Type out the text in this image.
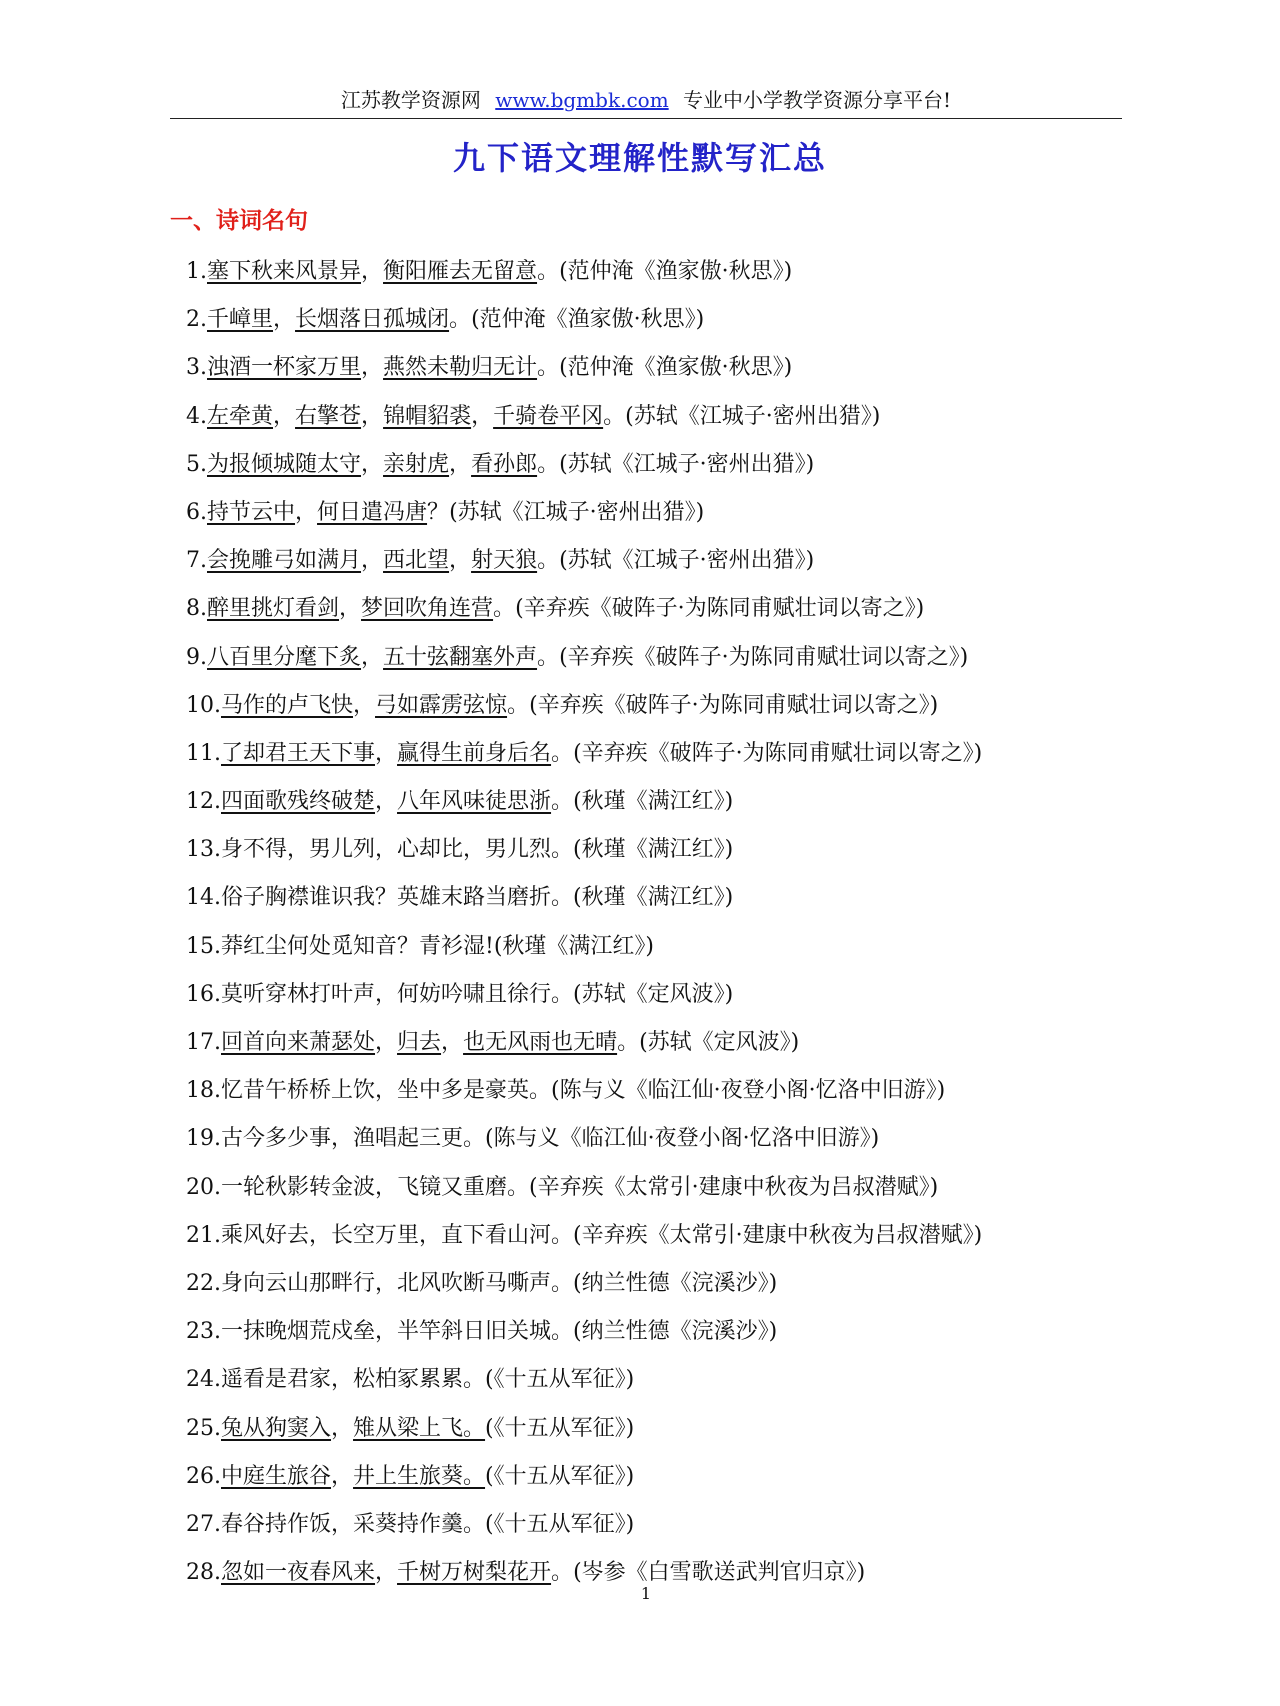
江苏教学资源网 www.bgmbk.com 专业中小学教学资源分享平台!
九下语文理解性默写汇总
一、诗词名句
1.塞下秋来风景异，衡阳雁去无留意。(范仲淹《渔家傲·秋思》)
2.千嶂里，长烟落日孤城闭。(范仲淹《渔家傲·秋思》)
3.浊酒一杯家万里，燕然未勒归无计。(范仲淹《渔家傲·秋思》)
4.左牵黄，右擎苍，锦帽貂裘，千骑卷平冈。(苏轼《江城子·密州出猎》)
5.为报倾城随太守，亲射虎，看孙郎。(苏轼《江城子·密州出猎》)
6.持节云中，何日遣冯唐？(苏轼《江城子·密州出猎》)
7.会挽雕弓如满月，西北望，射天狼。(苏轼《江城子·密州出猎》)
8.醉里挑灯看剑，梦回吹角连营。(辛弃疾《破阵子·为陈同甫赋壮词以寄之》)
9.八百里分麾下炙，五十弦翻塞外声。(辛弃疾《破阵子·为陈同甫赋壮词以寄之》)
10.马作的卢飞快，弓如霹雳弦惊。(辛弃疾《破阵子·为陈同甫赋壮词以寄之》)
11.了却君王天下事，赢得生前身后名。(辛弃疾《破阵子·为陈同甫赋壮词以寄之》)
12.四面歌残终破楚，八年风味徒思浙。(秋瑾《满江红》)
13.身不得，男儿列，心却比，男儿烈。(秋瑾《满江红》)
14.俗子胸襟谁识我？英雄末路当磨折。(秋瑾《满江红》)
15.莽红尘何处觅知音？青衫湿!(秋瑾《满江红》)
16.莫听穿林打叶声，何妨吟啸且徐行。(苏轼《定风波》)
17.回首向来萧瑟处，归去，也无风雨也无晴。(苏轼《定风波》)
18.忆昔午桥桥上饮，坐中多是豪英。(陈与义《临江仙·夜登小阁·忆洛中旧游》)
19.古今多少事，渔唱起三更。(陈与义《临江仙·夜登小阁·忆洛中旧游》)
20.一轮秋影转金波，飞镜又重磨。(辛弃疾《太常引·建康中秋夜为吕叔潜赋》)
21.乘风好去，长空万里，直下看山河。(辛弃疾《太常引·建康中秋夜为吕叔潜赋》)
22.身向云山那畔行，北风吹断马嘶声。(纳兰性德《浣溪沙》)
23.一抹晚烟荒戍垒，半竿斜日旧关城。(纳兰性德《浣溪沙》)
24.遥看是君家，松柏冢累累。(《十五从军征》)
25.兔从狗窦入，雉从梁上飞。(《十五从军征》)
26.中庭生旅谷，井上生旅葵。(《十五从军征》)
27.春谷持作饭，采葵持作羹。(《十五从军征》)
28.忽如一夜春风来，千树万树梨花开。(岑参《白雪歌送武判官归京》)
1
